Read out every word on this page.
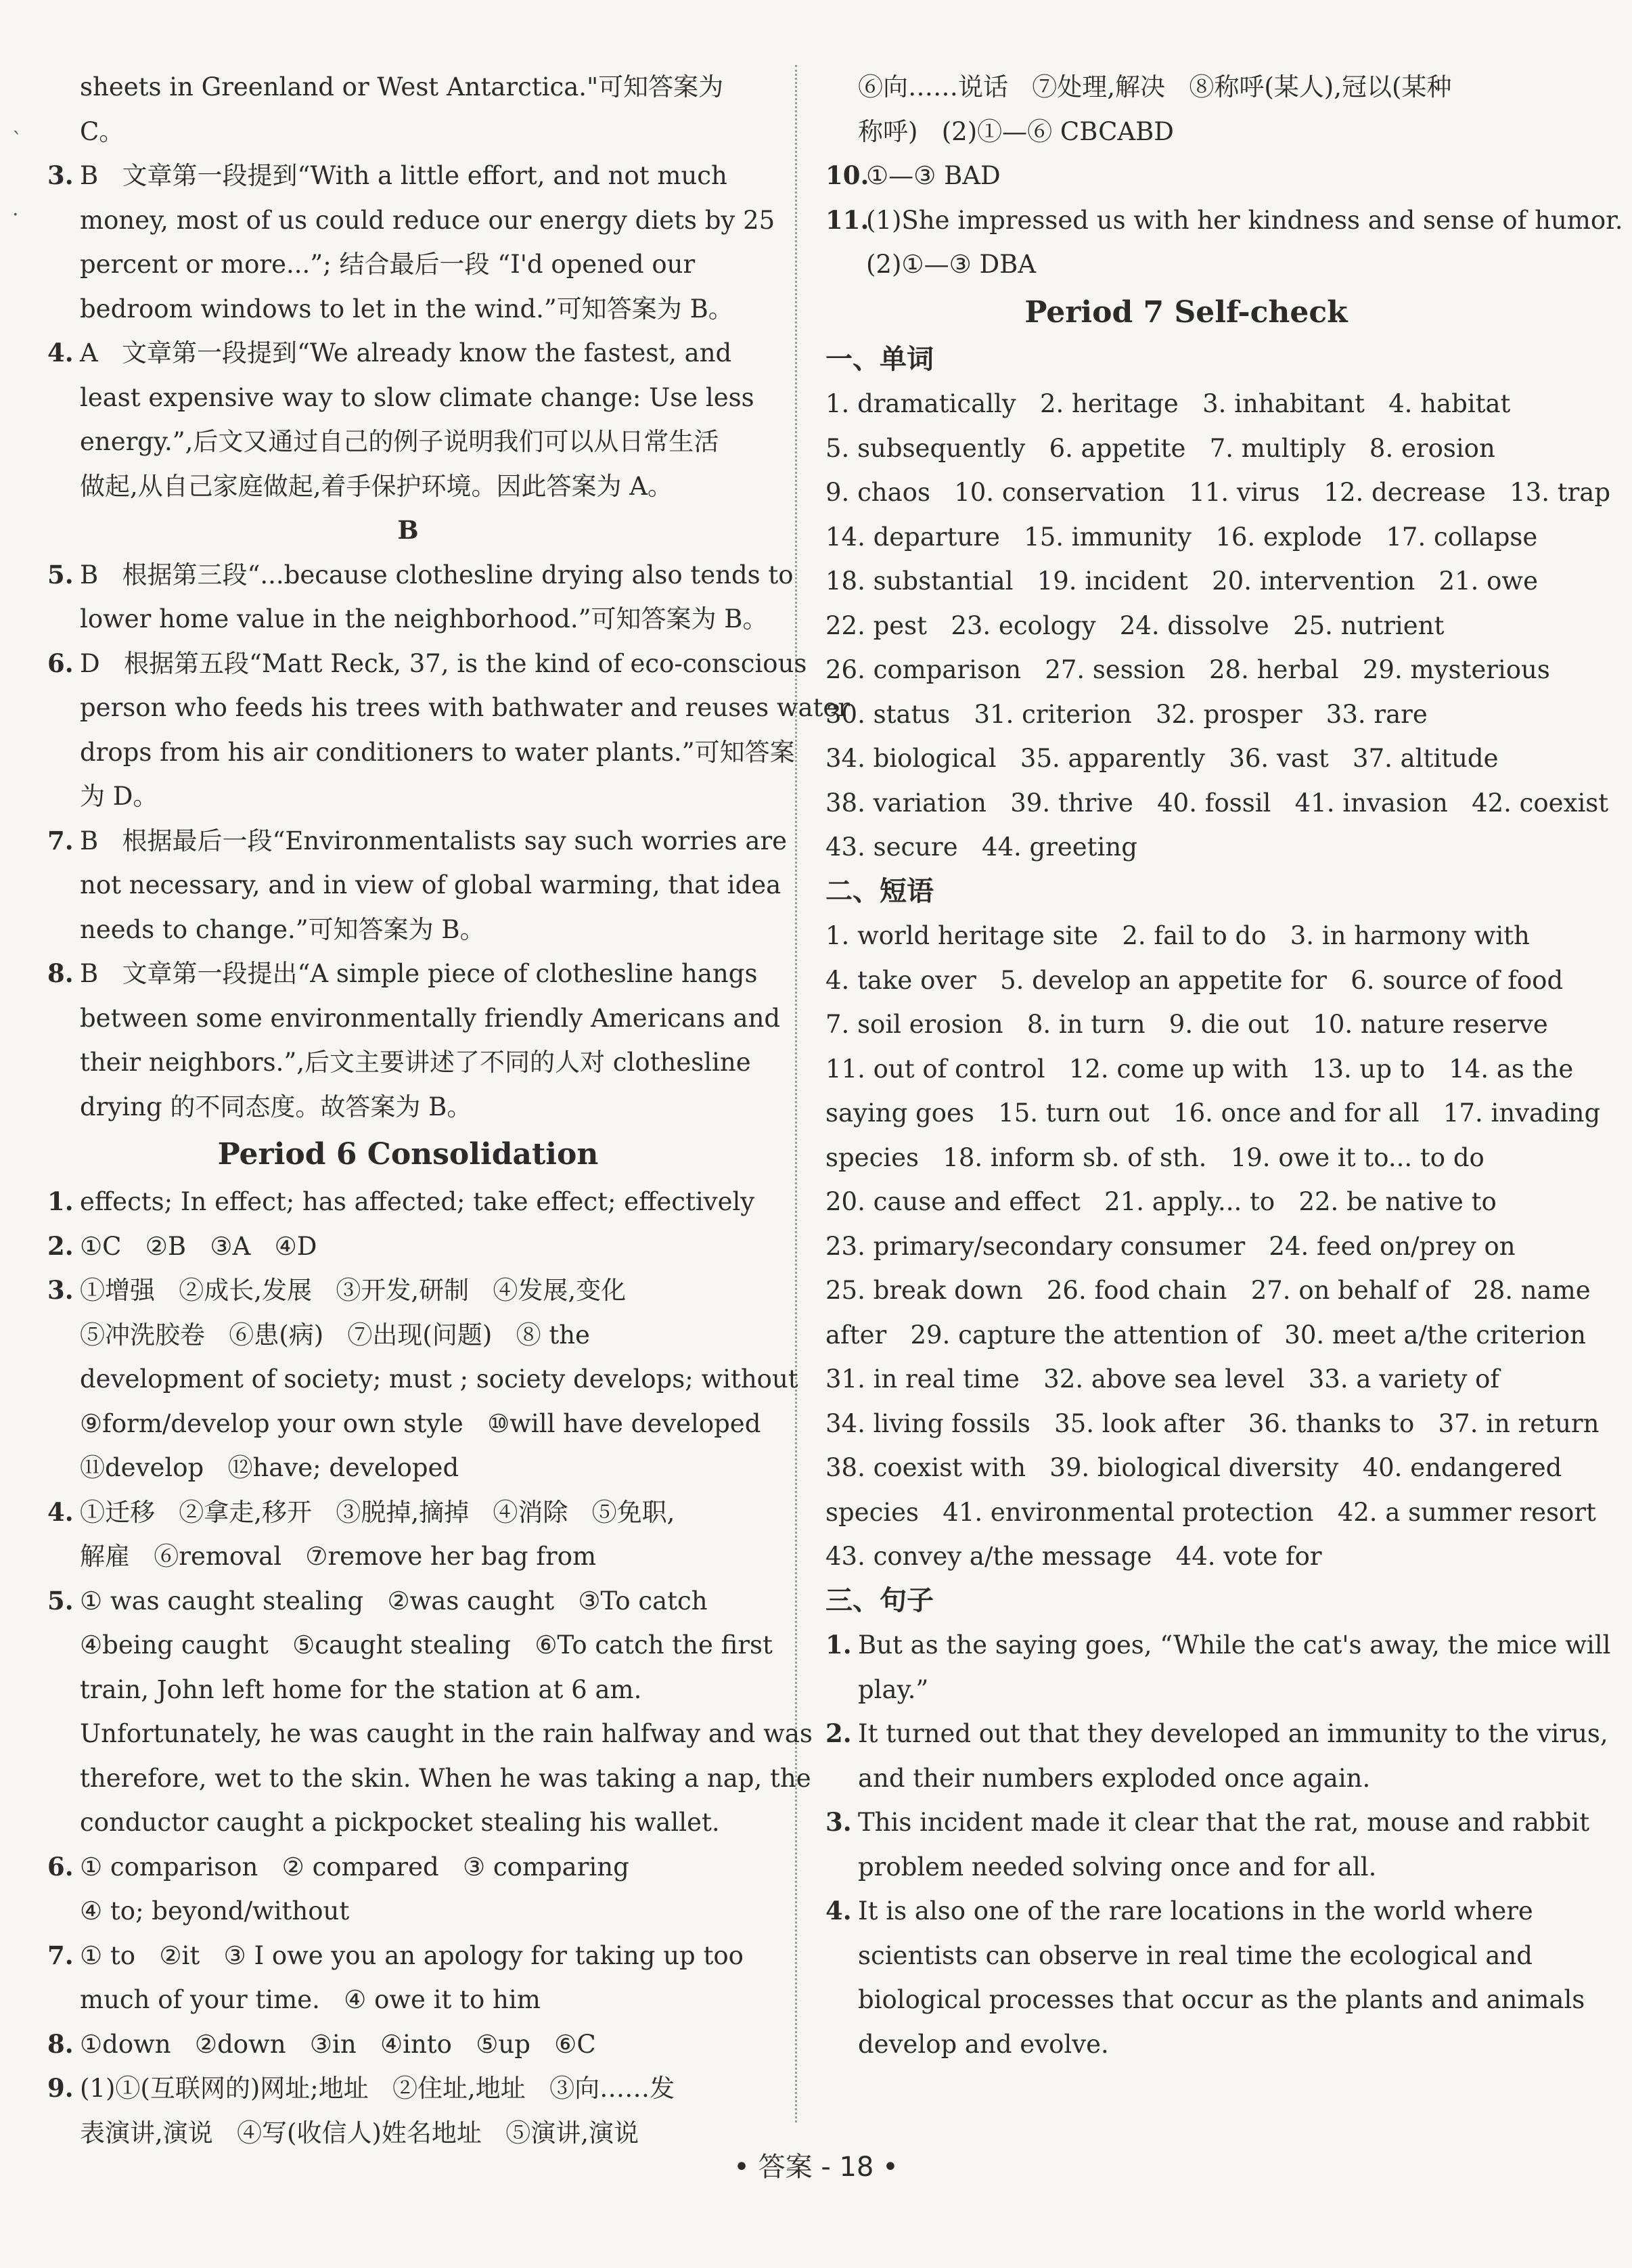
`
·

sheets in Greenland or West Antarctica."可知答案为 C。

3. B   文章第一段提到“With a little effort, and not much

money, most of us could reduce our energy diets by 25

percent or more...”; 结合最后一段 “I'd opened our

bedroom windows to let in the wind.”可知答案为 B。

4. A   文章第一段提到“We already know the fastest, and

least expensive way to slow climate change: Use less

energy.”,后文又通过自己的例子说明我们可以从日常生活

做起,从自己家庭做起,着手保护环境。因此答案为 A。

B

5. B   根据第三段“...because clothesline drying also tends to

lower home value in the neighborhood.”可知答案为 B。

6. D   根据第五段“Matt Reck, 37, is the kind of eco-conscious

person who feeds his trees with bathwater and reuses water

drops from his air conditioners to water plants.”可知答案

为 D。

7. B   根据最后一段“Environmentalists say such worries are

not necessary, and in view of global warming, that idea

needs to change.”可知答案为 B。

8. B   文章第一段提出“A simple piece of clothesline hangs

between some environmentally friendly Americans and

their neighbors.”,后文主要讲述了不同的人对 clothesline

drying 的不同态度。故答案为 B。

Period 6 Consolidation

1. effects; In effect; has affected; take effect; effectively

2. ①C   ②B   ③A   ④D

3. ①增强   ②成长,发展   ③开发,研制   ④发展,变化

⑤冲洗胶卷   ⑥患(病)   ⑦出现(问题)   ⑧ the

development of society; must ; society develops; without

⑨form/develop your own style   ⑩will have developed

⑪develop   ⑫have; developed

4. ①迁移   ②拿走,移开   ③脱掉,摘掉   ④消除   ⑤免职,

解雇   ⑥removal   ⑦remove her bag from

5. ① was caught stealing   ②was caught   ③To catch

④being caught   ⑤caught stealing   ⑥To catch the first

train, John left home for the station at 6 am.

Unfortunately, he was caught in the rain halfway and was

therefore, wet to the skin. When he was taking a nap, the

conductor caught a pickpocket stealing his wallet.

6. ① comparison   ② compared   ③ comparing

④ to; beyond/without

7. ① to   ②it   ③ I owe you an apology for taking up too

much of your time.   ④ owe it to him

8. ①down   ②down   ③in   ④into   ⑤up   ⑥C

9. (1)①(互联网的)网址;地址   ②住址,地址   ③向……发

表演讲,演说   ④写(收信人)姓名地址   ⑤演讲,演说

⑥向……说话   ⑦处理,解决   ⑧称呼(某人),冠以(某种

称呼)   (2)①—⑥ CBCABD

10.

①—③ BAD

11.

(1)She impressed us with her kindness and sense of humor.

(2)①—③ DBA

Period 7 Self-check

一、单词

1. dramatically   2. heritage   3. inhabitant   4. habitat

5. subsequently   6. appetite   7. multiply   8. erosion

9. chaos   10. conservation   11. virus   12. decrease   13. trap

14. departure   15. immunity   16. explode   17. collapse

18. substantial   19. incident   20. intervention   21. owe

22. pest   23. ecology   24. dissolve   25. nutrient

26. comparison   27. session   28. herbal   29. mysterious

30. status   31. criterion   32. prosper   33. rare

34. biological   35. apparently   36. vast   37. altitude

38. variation   39. thrive   40. fossil   41. invasion   42. coexist

43. secure   44. greeting

二、短语

1. world heritage site   2. fail to do   3. in harmony with

4. take over   5. develop an appetite for   6. source of food

7. soil erosion   8. in turn   9. die out   10. nature reserve

11. out of control   12. come up with   13. up to   14. as the

saying goes   15. turn out   16. once and for all   17. invading

species   18. inform sb. of sth.   19. owe it to... to do

20. cause and effect   21. apply... to   22. be native to

23. primary/secondary consumer   24. feed on/prey on

25. break down   26. food chain   27. on behalf of   28. name

after   29. capture the attention of   30. meet a/the criterion

31. in real time   32. above sea level   33. a variety of

34. living fossils   35. look after   36. thanks to   37. in return

38. coexist with   39. biological diversity   40. endangered

species   41. environmental protection   42. a summer resort

43. convey a/the message   44. vote for

三、句子

1. But as the saying goes, “While the cat's away, the mice will

play.”

2. It turned out that they developed an immunity to the virus,

and their numbers exploded once again.

3. This incident made it clear that the rat, mouse and rabbit

problem needed solving once and for all.

4. It is also one of the rare locations in the world where

scientists can observe in real time the ecological and

biological processes that occur as the plants and animals

develop and evolve.

• 答案 - 18 •
